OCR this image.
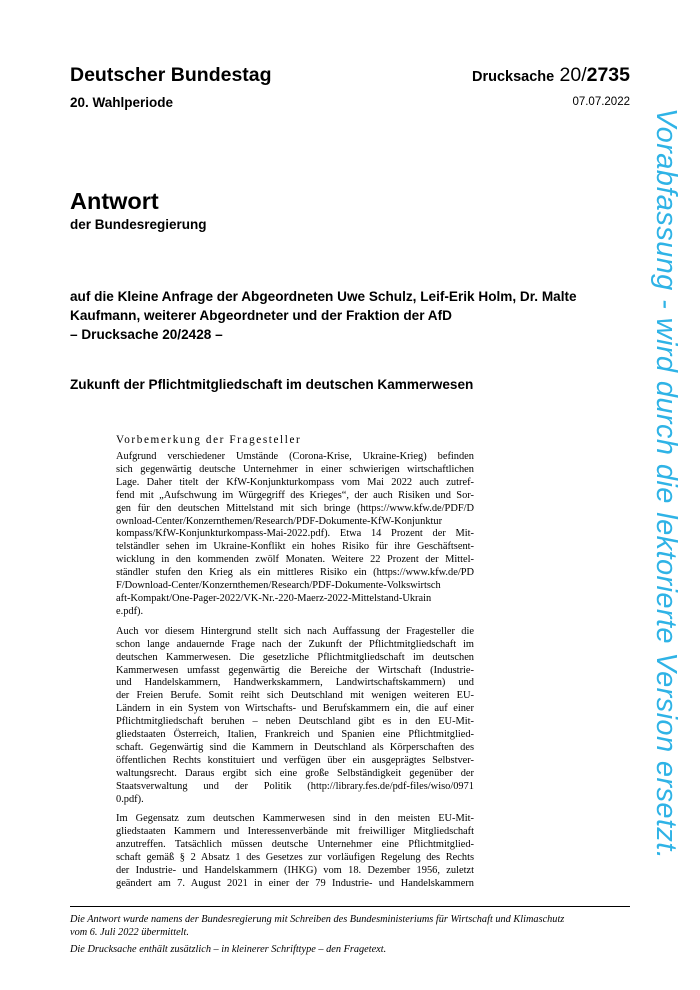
Deutscher Bundestag	Drucksache 20/2735
20. Wahlperiode	07.07.2022
Vorabfassung - wird durch die lektorierte Version ersetzt.
Antwort
der Bundesregierung
auf die Kleine Anfrage der Abgeordneten Uwe Schulz, Leif-Erik Holm, Dr. Malte
Kaufmann, weiterer Abgeordneter und der Fraktion der AfD
– Drucksache 20/2428 –
Zukunft der Pflichtmitgliedschaft im deutschen Kammerwesen
Vorbemerkung der Fragesteller
Aufgrund verschiedener Umstände (Corona-Krise, Ukraine-Krieg) befinden
sich gegenwärtig deutsche Unternehmer in einer schwierigen wirtschaftlichen
Lage. Daher titelt der KfW-Konjunkturkompass vom Mai 2022 auch zutref-
fend mit „Aufschwung im Würgegriff des Krieges“, der auch Risiken und Sor-
gen für den deutschen Mittelstand mit sich bringe (https://www.kfw.de/PDF/D
ownload-Center/Konzernthemen/Research/PDF-Dokumente-KfW-Konjunktur
kompass/KfW-Konjunkturkompass-Mai-2022.pdf). Etwa 14 Prozent der Mit-
telständler sehen im Ukraine-Konflikt ein hohes Risiko für ihre Geschäftsent-
wicklung in den kommenden zwölf Monaten. Weitere 22 Prozent der Mittel-
ständler stufen den Krieg als ein mittleres Risiko ein (https://www.kfw.de/PD
F/Download-Center/Konzernthemen/Research/PDF-Dokumente-Volkswirtsch
aft-Kompakt/One-Pager-2022/VK-Nr.-220-Maerz-2022-Mittelstand-Ukrain
e.pdf).
Auch vor diesem Hintergrund stellt sich nach Auffassung der Fragesteller die
schon lange andauernde Frage nach der Zukunft der Pflichtmitgliedschaft im
deutschen Kammerwesen. Die gesetzliche Pflichtmitgliedschaft im deutschen
Kammerwesen umfasst gegenwärtig die Bereiche der Wirtschaft (Industrie-
und Handelskammern, Handwerkskammern, Landwirtschaftskammern) und
der Freien Berufe. Somit reiht sich Deutschland mit wenigen weiteren EU-
Ländern in ein System von Wirtschafts- und Berufskammern ein, die auf einer
Pflichtmitgliedschaft beruhen – neben Deutschland gibt es in den EU-Mit-
gliedstaaten Österreich, Italien, Frankreich und Spanien eine Pflichtmitglied-
schaft. Gegenwärtig sind die Kammern in Deutschland als Körperschaften des
öffentlichen Rechts konstituiert und verfügen über ein ausgeprägtes Selbstver-
waltungsrecht. Daraus ergibt sich eine große Selbständigkeit gegenüber der
Staatsverwaltung und der Politik (http://library.fes.de/pdf-files/wiso/0971
0.pdf).
Im Gegensatz zum deutschen Kammerwesen sind in den meisten EU-Mit-
gliedstaaten Kammern und Interessenverbände mit freiwilliger Mitgliedschaft
anzutreffen. Tatsächlich müssen deutsche Unternehmer eine Pflichtmitglied-
schaft gemäß § 2 Absatz 1 des Gesetzes zur vorläufigen Regelung des Rechts
der Industrie- und Handelskammern (IHKG) vom 18. Dezember 1956, zuletzt
geändert am 7. August 2021 in einer der 79 Industrie- und Handelskammern
Die Antwort wurde namens der Bundesregierung mit Schreiben des Bundesministeriums für Wirtschaft und Klimaschutz
vom 6. Juli 2022 übermittelt.
Die Drucksache enthält zusätzlich – in kleinerer Schrifttype – den Fragetext.
